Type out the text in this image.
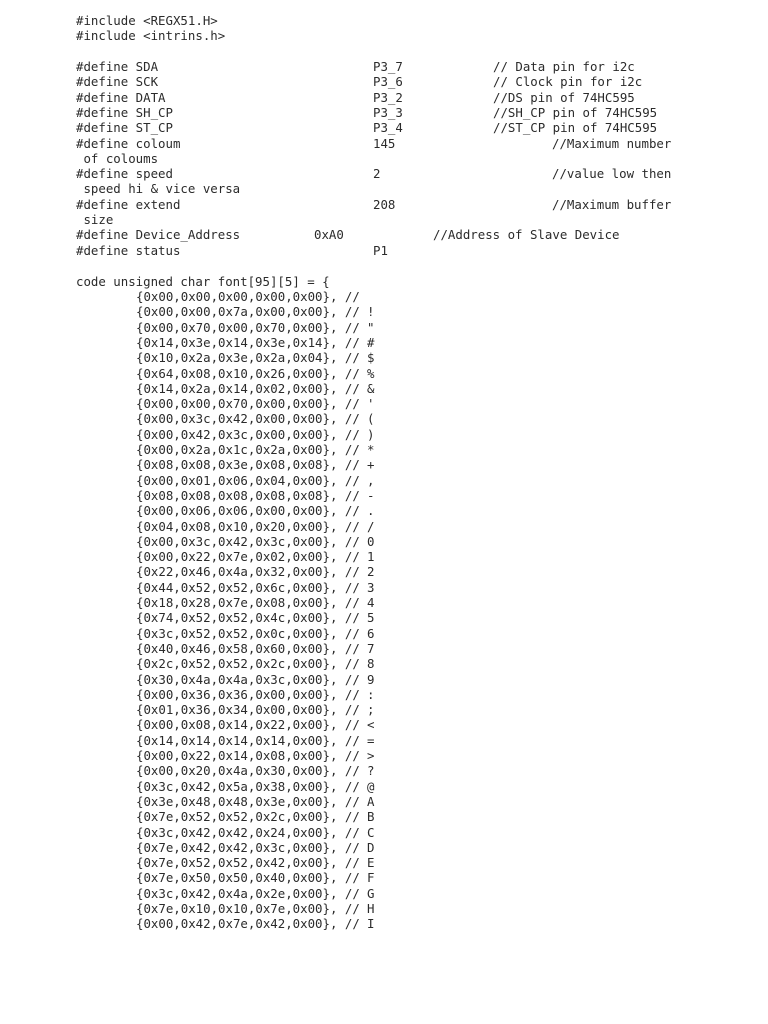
#include <REGX51.H>
#include <intrins.h>
#define SDA	P3_7	// Data pin for i2c
#define SCK	P3_6	// Clock pin for i2c
#define DATA	P3_2	//DS pin of 74HC595
#define SH_CP	P3_3	//SH_CP pin of 74HC595
#define ST_CP	P3_4	//ST_CP pin of 74HC595
#define coloum	145	//Maximum number
of coloums
#define speed	2	//value low then
speed hi & vice versa
#define extend	208	//Maximum buffer
size
#define Device_Address	0xA0	//Address of Slave Device
#define status	P1
code unsigned char font[95][5] = {
{0x00,0x00,0x00,0x00,0x00}, //
{0x00,0x00,0x7a,0x00,0x00}, // !
{0x00,0x70,0x00,0x70,0x00}, // "
{0x14,0x3e,0x14,0x3e,0x14}, // #
{0x10,0x2a,0x3e,0x2a,0x04}, // $
{0x64,0x08,0x10,0x26,0x00}, // %
{0x14,0x2a,0x14,0x02,0x00}, // &
{0x00,0x00,0x70,0x00,0x00}, // '
{0x00,0x3c,0x42,0x00,0x00}, // (
{0x00,0x42,0x3c,0x00,0x00}, // )
{0x00,0x2a,0x1c,0x2a,0x00}, // *
{0x08,0x08,0x3e,0x08,0x08}, // +
{0x00,0x01,0x06,0x04,0x00}, // ,
{0x08,0x08,0x08,0x08,0x08}, // -
{0x00,0x06,0x06,0x00,0x00}, // .
{0x04,0x08,0x10,0x20,0x00}, // /
{0x00,0x3c,0x42,0x3c,0x00}, // 0
{0x00,0x22,0x7e,0x02,0x00}, // 1
{0x22,0x46,0x4a,0x32,0x00}, // 2
{0x44,0x52,0x52,0x6c,0x00}, // 3
{0x18,0x28,0x7e,0x08,0x00}, // 4
{0x74,0x52,0x52,0x4c,0x00}, // 5
{0x3c,0x52,0x52,0x0c,0x00}, // 6
{0x40,0x46,0x58,0x60,0x00}, // 7
{0x2c,0x52,0x52,0x2c,0x00}, // 8
{0x30,0x4a,0x4a,0x3c,0x00}, // 9
{0x00,0x36,0x36,0x00,0x00}, // :
{0x01,0x36,0x34,0x00,0x00}, // ;
{0x00,0x08,0x14,0x22,0x00}, // <
{0x14,0x14,0x14,0x14,0x00}, // =
{0x00,0x22,0x14,0x08,0x00}, // >
{0x00,0x20,0x4a,0x30,0x00}, // ?
{0x3c,0x42,0x5a,0x38,0x00}, // @
{0x3e,0x48,0x48,0x3e,0x00}, // A
{0x7e,0x52,0x52,0x2c,0x00}, // B
{0x3c,0x42,0x42,0x24,0x00}, // C
{0x7e,0x42,0x42,0x3c,0x00}, // D
{0x7e,0x52,0x52,0x42,0x00}, // E
{0x7e,0x50,0x50,0x40,0x00}, // F
{0x3c,0x42,0x4a,0x2e,0x00}, // G
{0x7e,0x10,0x10,0x7e,0x00}, // H
{0x00,0x42,0x7e,0x42,0x00}, // I
